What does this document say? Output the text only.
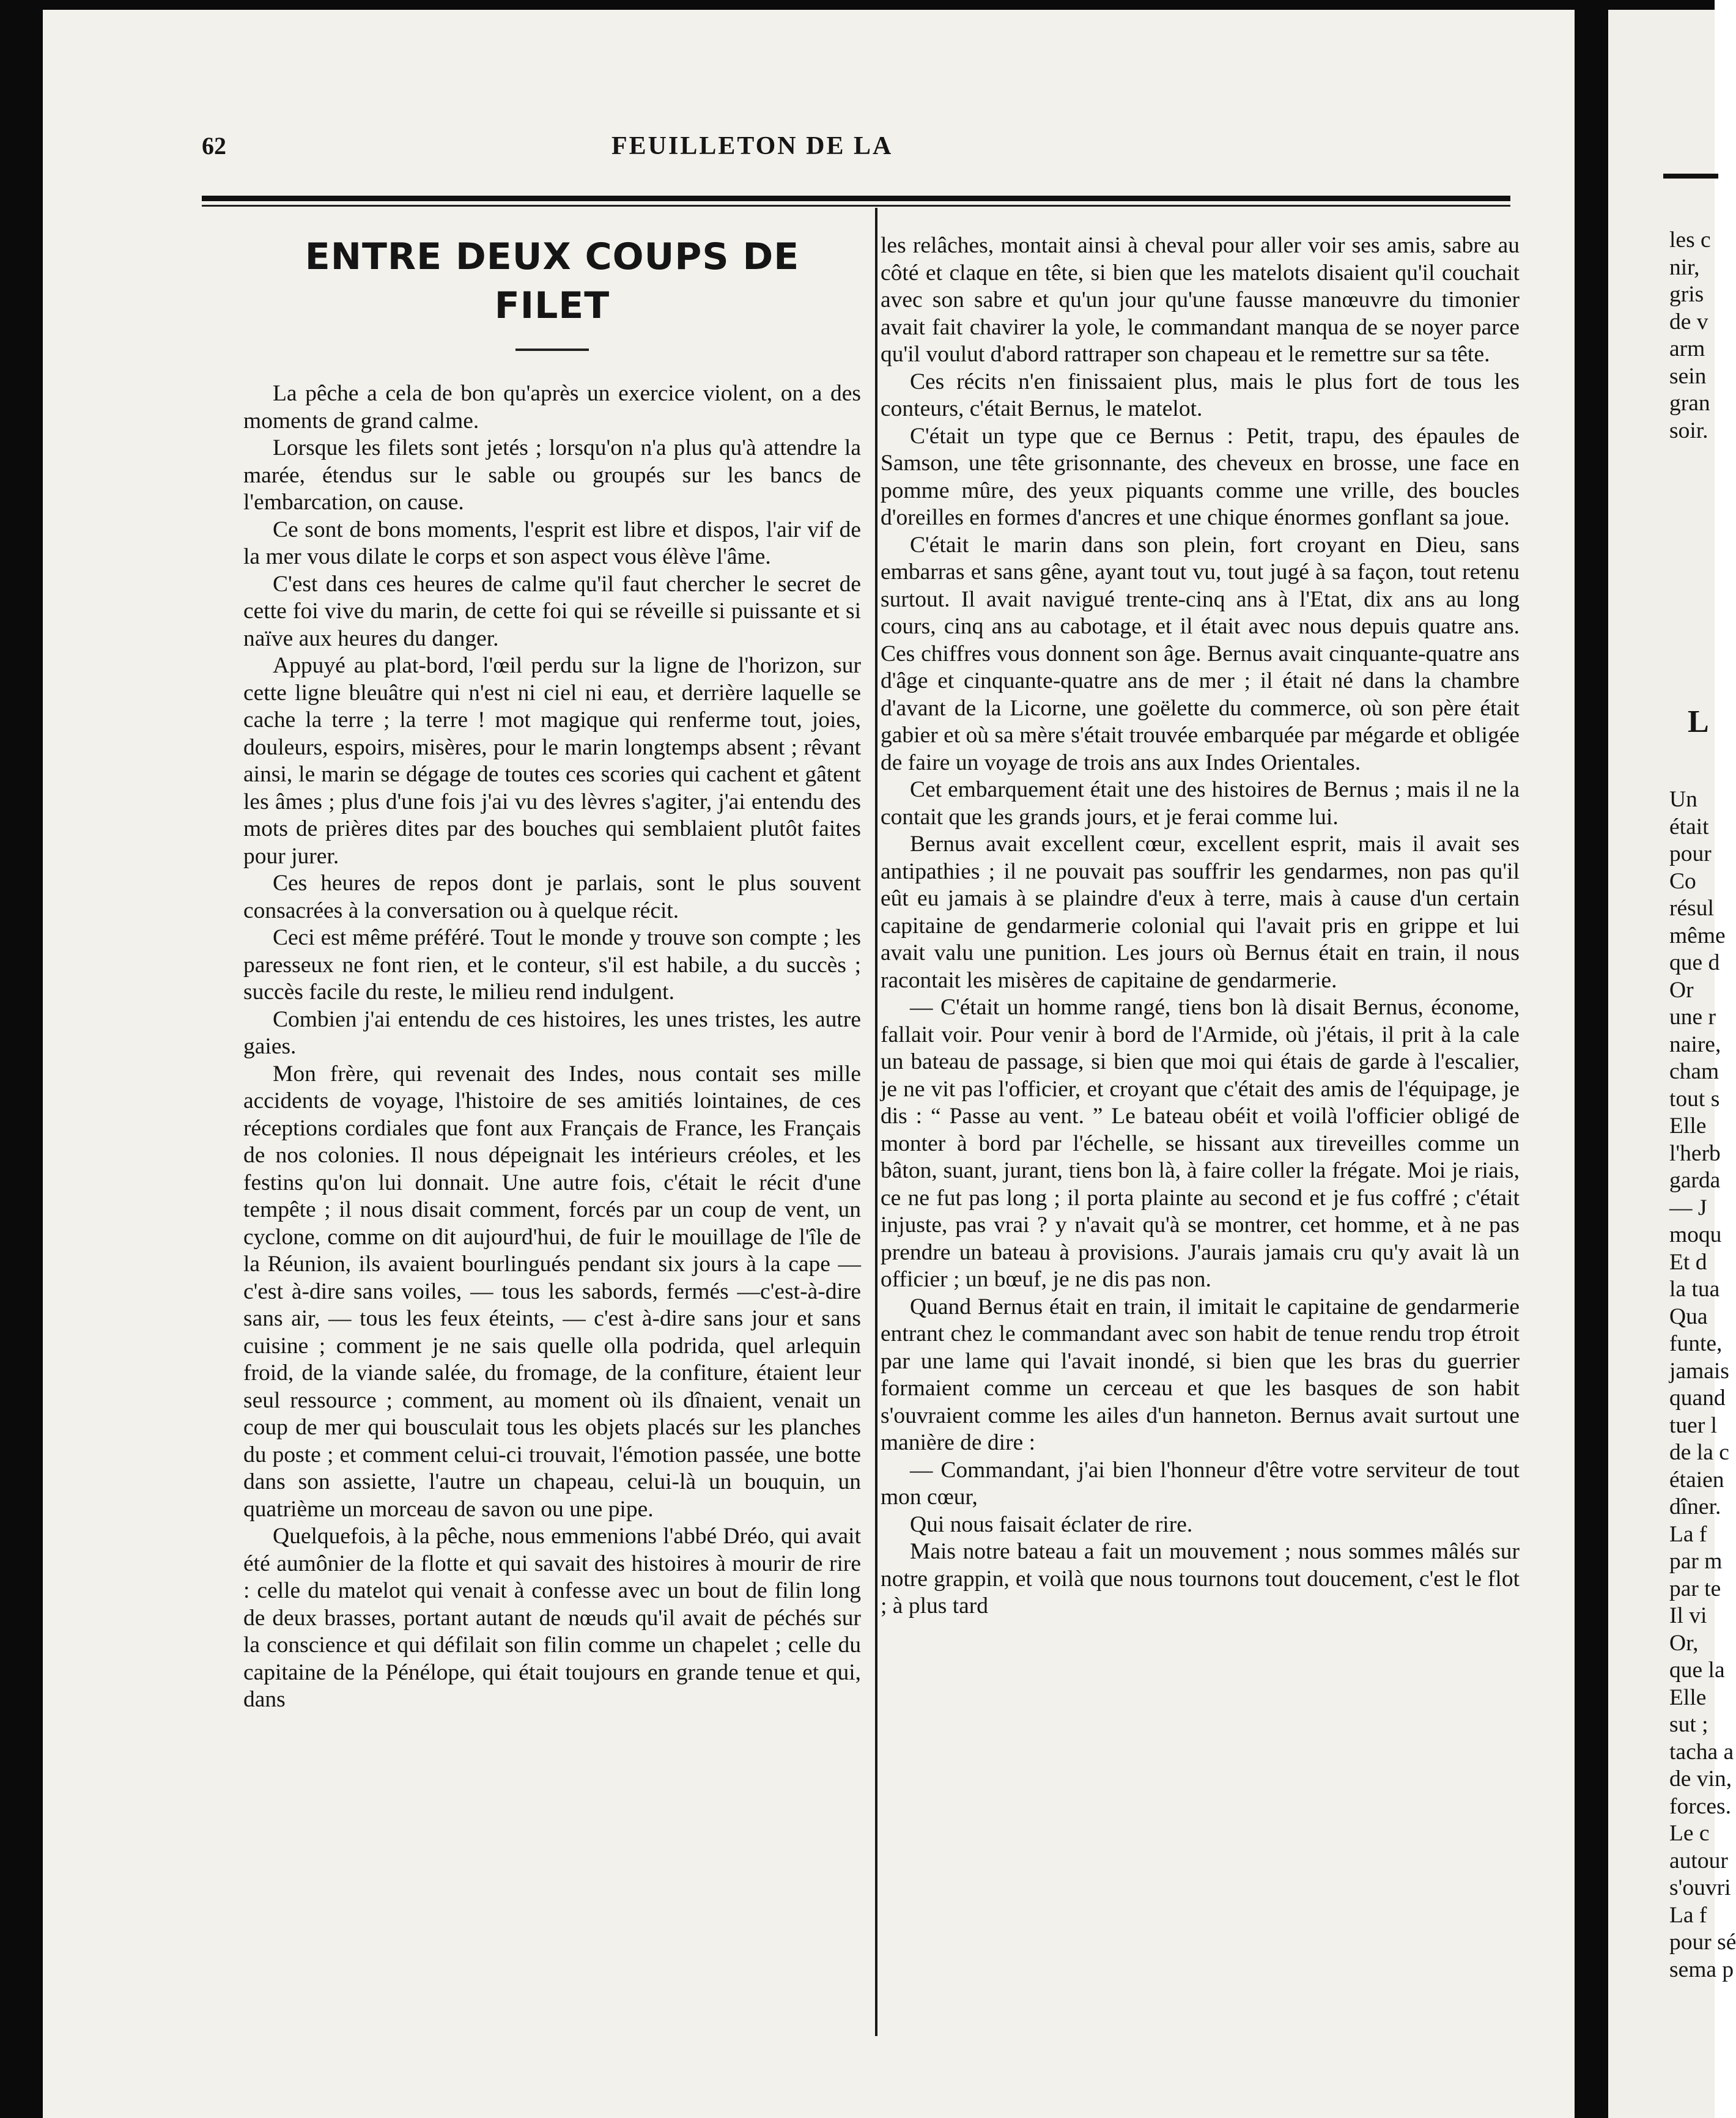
62	FEUILLETON DE LA
ENTRE DEUX COUPS DE FILET

La pêche a cela de bon qu'après un exercice violent, on a des moments de grand calme.

Lorsque les filets sont jetés ; lorsqu'on n'a plus qu'à attendre la marée, étendus sur le sable ou groupés sur les bancs de l'embarcation, on cause.

Ce sont de bons moments, l'esprit est libre et dispos, l'air vif de la mer vous dilate le corps et son aspect vous élève l'âme.

C'est dans ces heures de calme qu'il faut chercher le secret de cette foi vive du marin, de cette foi qui se réveille si puissante et si naïve aux heures du danger.

Appuyé au plat-bord, l'œil perdu sur la ligne de l'horizon, sur cette ligne bleuâtre qui n'est ni ciel ni eau, et derrière laquelle se cache la terre ; la terre ! mot magique qui renferme tout, joies, douleurs, espoirs, misères, pour le marin longtemps absent ; rêvant ainsi, le marin se dégage de toutes ces scories qui cachent et gâtent les âmes ; plus d'une fois j'ai vu des lèvres s'agiter, j'ai entendu des mots de prières dites par des bouches qui semblaient plutôt faites pour jurer.

Ces heures de repos dont je parlais, sont le plus souvent consacrées à la conversation ou à quelque récit.

Ceci est même préféré. Tout le monde y trouve son compte ; les paresseux ne font rien, et le conteur, s'il est habile, a du succès ; succès facile du reste, le milieu rend indulgent.

Combien j'ai entendu de ces histoires, les unes tristes, les autre gaies.

Mon frère, qui revenait des Indes, nous contait ses mille accidents de voyage, l'histoire de ses amitiés lointaines, de ces réceptions cordiales que font aux Français de France, les Français de nos colonies. Il nous dépeignait les intérieurs créoles, et les festins qu'on lui donnait. Une autre fois, c'était le récit d'une tempête ; il nous disait comment, forcés par un coup de vent, un cyclone, comme on dit aujourd'hui, de fuir le mouillage de l'île de la Réunion, ils avaient bourlingués pendant six jours à la cape —c'est à-dire sans voiles, — tous les sabords, fermés —c'est-à-dire sans air, — tous les feux éteints, — c'est à-dire sans jour et sans cuisine ; comment je ne sais quelle olla podrida, quel arlequin froid, de la viande salée, du fromage, de la confiture, étaient leur seul ressource ; comment, au moment où ils dînaient, venait un coup de mer qui bousculait tous les objets placés sur les planches du poste ; et comment celui-ci trouvait, l'émotion passée, une botte dans son assiette, l'autre un chapeau, celui-là un bouquin, un quatrième un morceau de savon ou une pipe.

Quelquefois, à la pêche, nous emmenions l'abbé Dréo, qui avait été aumônier de la flotte et qui savait des histoires à mourir de rire : celle du matelot qui venait à confesse avec un bout de filin long de deux brasses, portant autant de nœuds qu'il avait de péchés sur la conscience et qui défilait son filin comme un chapelet ; celle du capitaine de la Pénélope, qui était toujours en grande tenue et qui, dans

les relâches, montait ainsi à cheval pour aller voir ses amis, sabre au côté et claque en tête, si bien que les matelots disaient qu'il couchait avec son sabre et qu'un jour qu'une fausse manœuvre du timonier avait fait chavirer la yole, le commandant manqua de se noyer parce qu'il voulut d'abord rattraper son chapeau et le remettre sur sa tête.

Ces récits n'en finissaient plus, mais le plus fort de tous les conteurs, c'était Bernus, le matelot.

C'était un type que ce Bernus : Petit, trapu, des épaules de Samson, une tête grisonnante, des cheveux en brosse, une face en pomme mûre, des yeux piquants comme une vrille, des boucles d'oreilles en formes d'ancres et une chique énormes gonflant sa joue.

C'était le marin dans son plein, fort croyant en Dieu, sans embarras et sans gêne, ayant tout vu, tout jugé à sa façon, tout retenu surtout. Il avait navigué trente-cinq ans à l'Etat, dix ans au long cours, cinq ans au cabotage, et il était avec nous depuis quatre ans. Ces chiffres vous donnent son âge. Bernus avait cinquante-quatre ans d'âge et cinquante-quatre ans de mer ; il était né dans la chambre d'avant de la Licorne, une goëlette du commerce, où son père était gabier et où sa mère s'était trouvée embarquée par mégarde et obligée de faire un voyage de trois ans aux Indes Orientales.

Cet embarquement était une des histoires de Bernus ; mais il ne la contait que les grands jours, et je ferai comme lui.

Bernus avait excellent cœur, excellent esprit, mais il avait ses antipathies ; il ne pouvait pas souffrir les gendarmes, non pas qu'il eût eu jamais à se plaindre d'eux à terre, mais à cause d'un certain capitaine de gendarmerie colonial qui l'avait pris en grippe et lui avait valu une punition. Les jours où Bernus était en train, il nous racontait les misères de capitaine de gendarmerie.

— C'était un homme rangé, tiens bon là disait Bernus, économe, fallait voir. Pour venir à bord de l'Armide, où j'étais, il prit à la cale un bateau de passage, si bien que moi qui étais de garde à l'escalier, je ne vit pas l'officier, et croyant que c'était des amis de l'équipage, je dis : “ Passe au vent. ” Le bateau obéit et voilà l'officier obligé de monter à bord par l'échelle, se hissant aux tireveilles comme un bâton, suant, jurant, tiens bon là, à faire coller la frégate. Moi je riais, ce ne fut pas long ; il porta plainte au second et je fus coffré ; c'était injuste, pas vrai ? y n'avait qu'à se montrer, cet homme, et à ne pas prendre un bateau à provisions. J'aurais jamais cru qu'y avait là un officier ; un bœuf, je ne dis pas non.

Quand Bernus était en train, il imitait le capitaine de gendarmerie entrant chez le commandant avec son habit de tenue rendu trop étroit par une lame qui l'avait inondé, si bien que les bras du guerrier formaient comme un cerceau et que les basques de son habit s'ouvraient comme les ailes d'un hanneton. Bernus avait surtout une manière de dire :

— Commandant, j'ai bien l'honneur d'être votre serviteur de tout mon cœur,

Qui nous faisait éclater de rire.

Mais notre bateau a fait un mouvement ; nous sommes mâlés sur notre grappin, et voilà que nous tournons tout doucement, c'est le flot ; à plus tard

les c
nir,
gris
de v
arm
sein
gran
soir.
L
Un
était
pour
Co
résul
même
que d
Or
une r
naire,
cham
tout s
Elle
l'herb
garda
— J
moqu
Et d
la tua
Qua
funte,
jamais
quand
tuer l
de la c
étaien
dîner.
La f
par m
par te
Il vi
Or,
que la
Elle
sut ;
tacha a
de vin,
forces.
Le c
autour
s'ouvri
La f
pour sé
sema p
